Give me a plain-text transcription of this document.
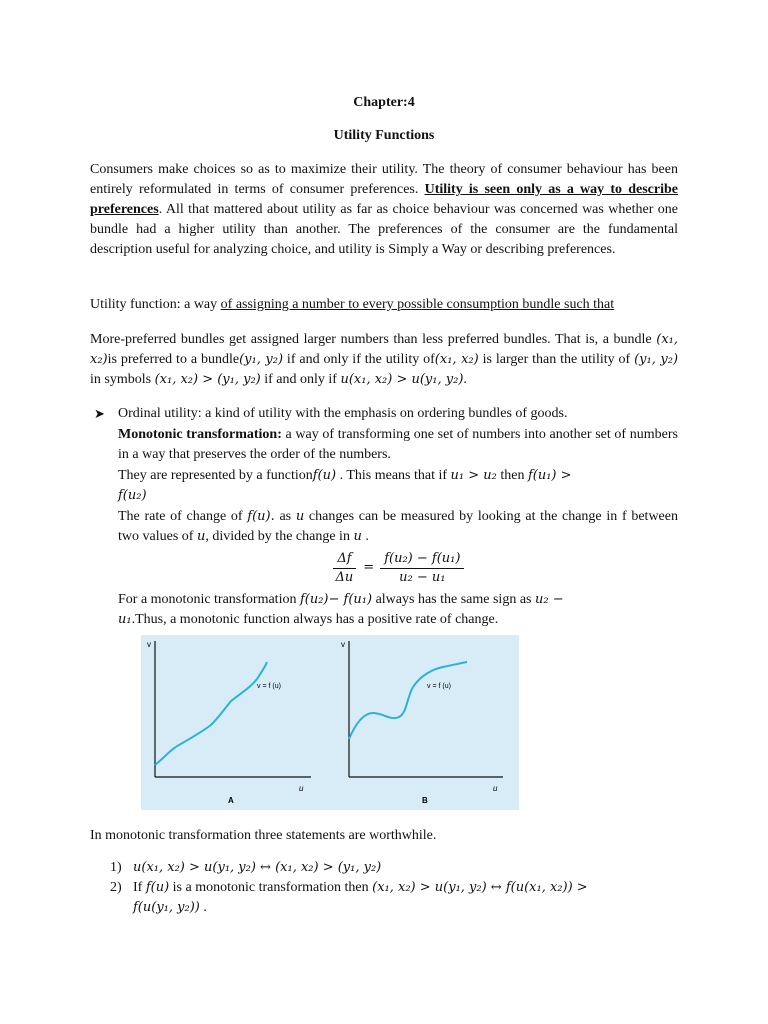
Chapter:4
Utility Functions
Consumers make choices so as to maximize their utility. The theory of consumer behaviour has been entirely reformulated in terms of consumer preferences. Utility is seen only as a way to describe preferences. All that mattered about utility as far as choice behaviour was concerned was whether one bundle had a higher utility than another. The preferences of the consumer are the fundamental description useful for analyzing choice, and utility is Simply a Way or describing preferences.
Utility function: a way of assigning a number to every possible consumption bundle such that
More-preferred bundles get assigned larger numbers than less preferred bundles. That is, a bundle (x₁, x₂)is preferred to a bundle(y₁, y₂) if and only if the utility of(x₁, x₂) is larger than the utility of (y₁, y₂) in symbols (x₁, x₂) > (y₁, y₂) if and only if u(x₁, x₂) > u(y₁, y₂).
➤ Ordinal utility: a kind of utility with the emphasis on ordering bundles of goods.
Monotonic transformation: a way of transforming one set of numbers into another set of numbers in a way that preserves the order of the numbers.
They are represented by a functionf(u) . This means that if u₁ > u₂ then f(u₁) >
f(u₂)
The rate of change of f(u). as u changes can be measured by looking at the change in f between two values of u, divided by the change in u .
$\frac{\Delta f}{\Delta u} = \frac{\text{f(u₂) − f(u₁)}}{\text{u₂ − u₁}}$
For a monotonic transformation f(u₂)− f(u₁) always has the same sign as u₂ −
u₁.Thus, a monotonic function always has a positive rate of change.
v
u
v = f (u)
A
v
u
v = f (u)
B
In monotonic transformation three statements are worthwhile.
1) u(x₁, x₂) > u(y₁, y₂) ↔ (x₁, x₂) > (y₁, y₂)
2) If f(u) is a monotonic transformation then (x₁, x₂) > u(y₁, y₂) ↔ f(u(x₁, x₂)) >
f(u(y₁, y₂)) .
